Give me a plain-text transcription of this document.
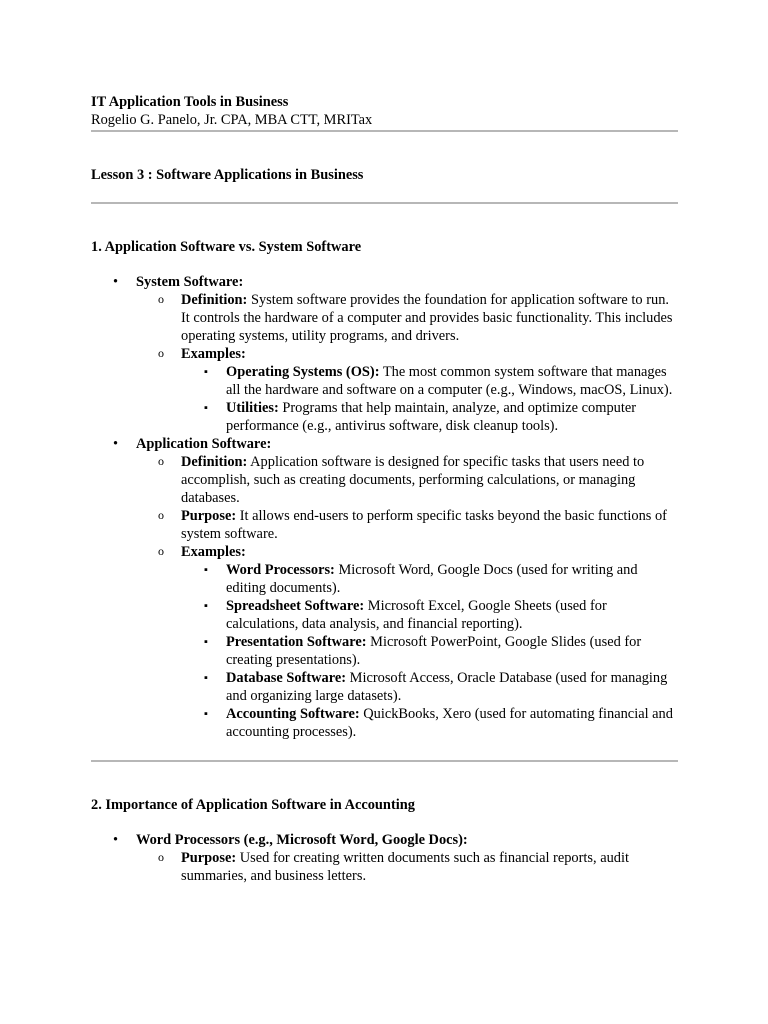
IT Application Tools in Business
Rogelio G. Panelo, Jr. CPA, MBA CTT, MRITax
Lesson 3 : Software Applications in Business
1. Application Software vs. System Software
• System Software:
o Definition: System software provides the foundation for application software to run. It controls the hardware of a computer and provides basic functionality. This includes operating systems, utility programs, and drivers.
o Examples:
▪ Operating Systems (OS): The most common system software that manages all the hardware and software on a computer (e.g., Windows, macOS, Linux).
▪ Utilities: Programs that help maintain, analyze, and optimize computer performance (e.g., antivirus software, disk cleanup tools).
• Application Software:
o Definition: Application software is designed for specific tasks that users need to accomplish, such as creating documents, performing calculations, or managing databases.
o Purpose: It allows end-users to perform specific tasks beyond the basic functions of system software.
o Examples:
▪ Word Processors: Microsoft Word, Google Docs (used for writing and editing documents).
▪ Spreadsheet Software: Microsoft Excel, Google Sheets (used for calculations, data analysis, and financial reporting).
▪ Presentation Software: Microsoft PowerPoint, Google Slides (used for creating presentations).
▪ Database Software: Microsoft Access, Oracle Database (used for managing and organizing large datasets).
▪ Accounting Software: QuickBooks, Xero (used for automating financial and accounting processes).
2. Importance of Application Software in Accounting
• Word Processors (e.g., Microsoft Word, Google Docs):
o Purpose: Used for creating written documents such as financial reports, audit summaries, and business letters.
